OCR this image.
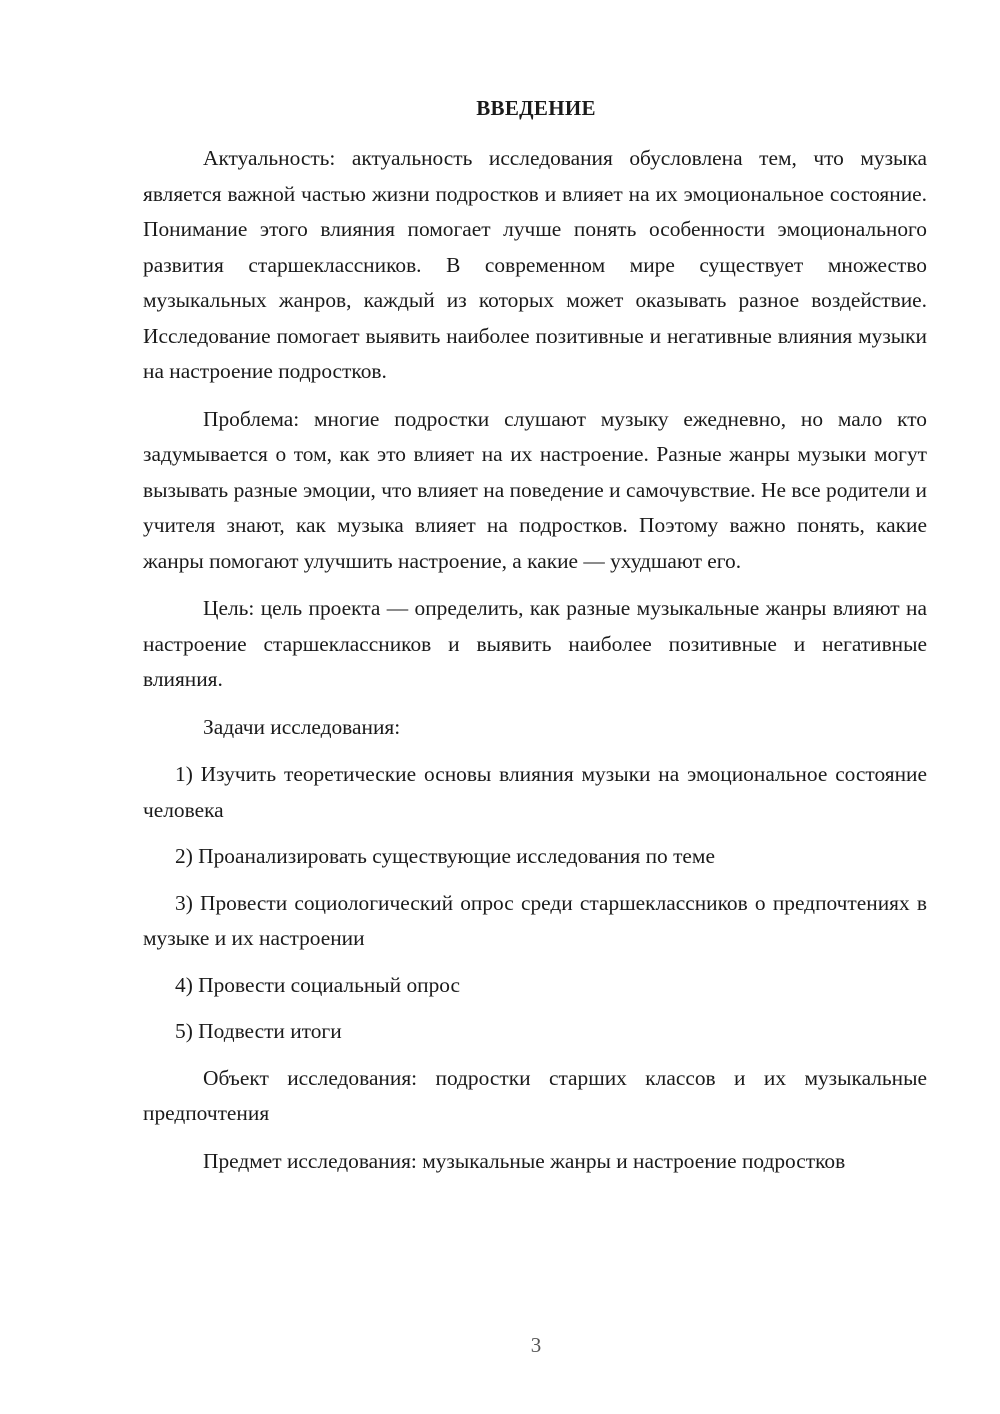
ВВЕДЕНИЕ

Актуальность: актуальность исследования обусловлена тем, что музыка является важной частью жизни подростков и влияет на их эмоциональное состояние. Понимание этого влияния помогает лучше понять особенности эмоционального развития старшеклассников. В современном мире существует множество музыкальных жанров, каждый из которых может оказывать разное воздействие. Исследование помогает выявить наиболее позитивные и негативные влияния музыки на настроение подростков.

Проблема: многие подростки слушают музыку ежедневно, но мало кто задумывается о том, как это влияет на их настроение. Разные жанры музыки могут вызывать разные эмоции, что влияет на поведение и самочувствие. Не все родители и учителя знают, как музыка влияет на подростков. Поэтому важно понять, какие жанры помогают улучшить настроение, а какие — ухудшают его.

Цель: цель проекта — определить, как разные музыкальные жанры влияют на настроение старшеклассников и выявить наиболее позитивные и негативные влияния.

Задачи исследования:

1) Изучить теоретические основы влияния музыки на эмоциональное состояние человека

2) Проанализировать существующие исследования по теме

3) Провести социологический опрос среди старшеклассников о предпочтениях в музыке и их настроении

4) Провести социальный опрос

5) Подвести итоги

Объект исследования: подростки старших классов и их музыкальные предпочтения

Предмет исследования: музыкальные жанры и настроение подростков

3
